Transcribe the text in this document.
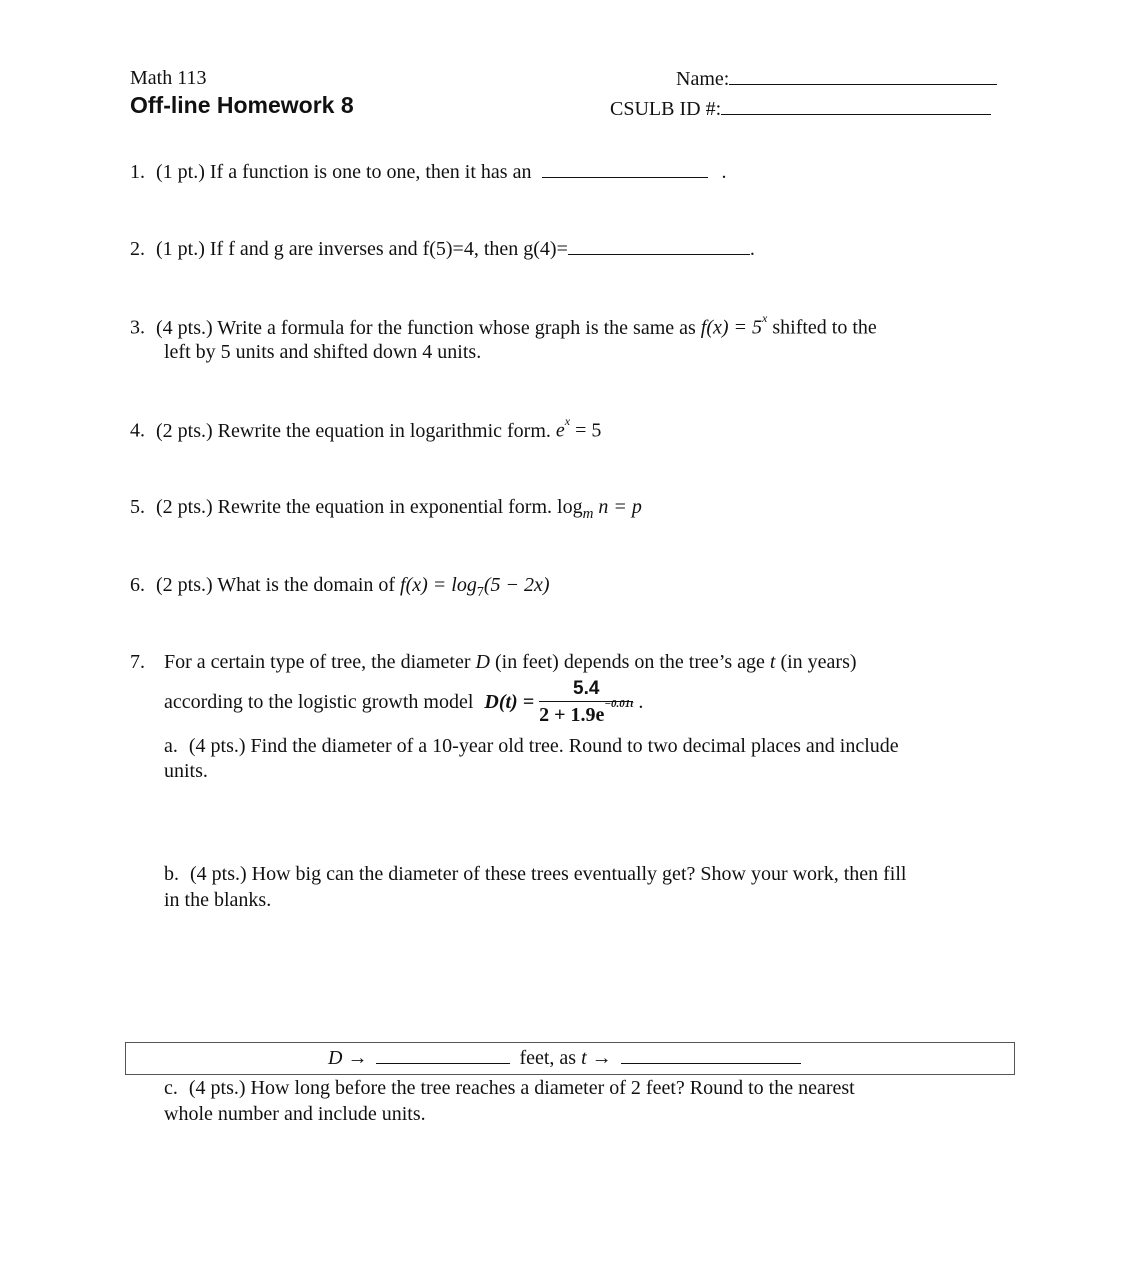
Math 113
Off-line Homework 8
Name:
CSULB ID #:
1. (1 pt.) If a function is one to one, then it has an	.
2. (1 pt.) If f and g are inverses and f(5)=4, then g(4)=	.
3. (4 pts.) Write a formula for the function whose graph is the same as $f(x) = 5^x$ shifted to the
left by 5 units and shifted down 4 units.
4. (2 pts.) Rewrite the equation in logarithmic form. $e^x = 5$
5. (2 pts.) Rewrite the equation in exponential form. $\log_m n = p$
6. (2 pts.) What is the domain of $f(x) = \log_7(5 - 2x)$
7. For a certain type of tree, the diameter D (in feet) depends on the tree’s age t (in years)
according to the logistic growth model $D(t) = \frac{5.4}{2 + 1.9e^{-0.01t}}$ .
a. (4 pts.) Find the diameter of a 10-year old tree. Round to two decimal places and include
units.
b. (4 pts.) How big can the diameter of these trees eventually get? Show your work, then fill
in the blanks.
D →	feet, as t →
c. (4 pts.) How long before the tree reaches a diameter of 2 feet? Round to the nearest
whole number and include units.
